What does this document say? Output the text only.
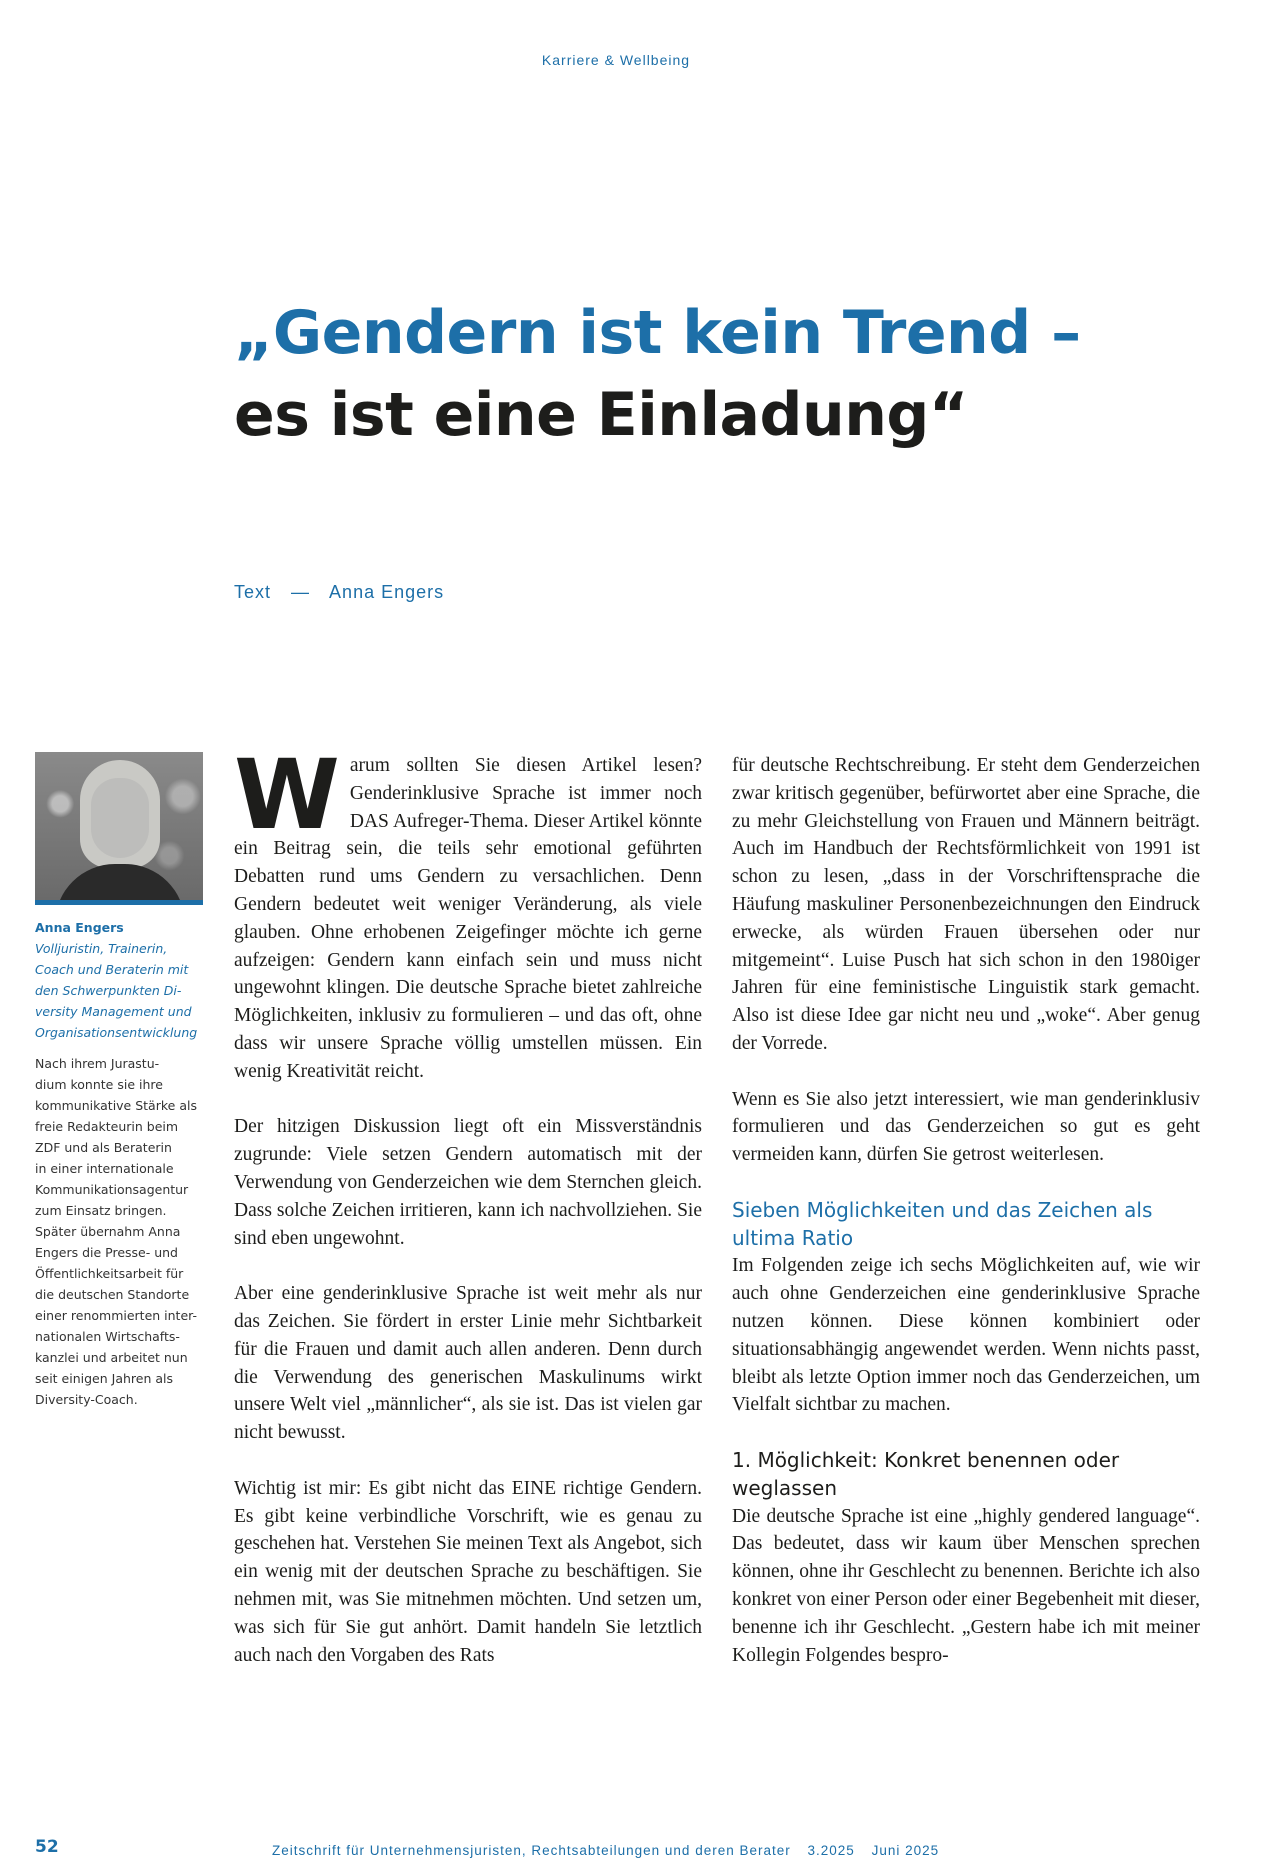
Karriere & Wellbeing
„Gendern ist kein Trend –
es ist eine Einladung“
Text — Anna Engers
Anna Engers
Volljuristin, Trainerin,
Coach und Beraterin mit
den Schwerpunkten Di-
versity Management und
Organisationsentwicklung
Nach ihrem Jurastu-
dium konnte sie ihre
kommunikative Stärke als
freie Redakteurin beim
ZDF und als Beraterin
in einer internationale
Kommunikationsagentur
zum Einsatz bringen.
Später übernahm Anna
Engers die Presse- und
Öffentlichkeitsarbeit für
die deutschen Standorte
einer renommierten inter-
nationalen Wirtschafts-
kanzlei und arbeitet nun
seit einigen Jahren als
Diversity-Coach.

Warum sollten Sie diesen Artikel lesen? Genderinklusive Sprache ist immer noch DAS Aufreger-Thema. Dieser Artikel könnte ein Beitrag sein, die teils sehr emotional geführten Debatten rund ums Gendern zu versachlichen. Denn Gendern bedeutet weit weniger Veränderung, als viele glauben. Ohne erhobenen Zeigefinger möchte ich gerne aufzeigen: Gendern kann einfach sein und muss nicht ungewohnt klingen. Die deutsche Sprache bietet zahlreiche Möglichkeiten, inklusiv zu formulieren – und das oft, ohne dass wir unsere Sprache völlig umstellen müssen. Ein wenig Kreativität reicht.

Der hitzigen Diskussion liegt oft ein Missverständnis zugrunde: Viele setzen Gendern automatisch mit der Verwendung von Genderzeichen wie dem Sternchen gleich. Dass solche Zeichen irritieren, kann ich nachvollziehen. Sie sind eben ungewohnt.

Aber eine genderinklusive Sprache ist weit mehr als nur das Zeichen. Sie fördert in erster Linie mehr Sichtbarkeit für die Frauen und damit auch allen anderen. Denn durch die Verwendung des generischen Maskulinums wirkt unsere Welt viel „männlicher“, als sie ist. Das ist vielen gar nicht bewusst.

Wichtig ist mir: Es gibt nicht das EINE richtige Gendern. Es gibt keine verbindliche Vorschrift, wie es genau zu geschehen hat. Verstehen Sie meinen Text als Angebot, sich ein wenig mit der deutschen Sprache zu beschäftigen. Sie nehmen mit, was Sie mitnehmen möchten. Und setzen um, was sich für Sie gut anhört. Damit handeln Sie letztlich auch nach den Vorgaben des Rats

für deutsche Rechtschreibung. Er steht dem Genderzeichen zwar kritisch gegenüber, befürwortet aber eine Sprache, die zu mehr Gleichstellung von Frauen und Männern beiträgt. Auch im Handbuch der Rechtsförmlichkeit von 1991 ist schon zu lesen, „dass in der Vorschriftensprache die Häufung maskuliner Personenbezeichnungen den Eindruck erwecke, als würden Frauen übersehen oder nur mitgemeint“. Luise Pusch hat sich schon in den 1980iger Jahren für eine feministische Linguistik stark gemacht. Also ist diese Idee gar nicht neu und „woke“. Aber genug der Vorrede.

Wenn es Sie also jetzt interessiert, wie man genderinklusiv formulieren und das Genderzeichen so gut es geht vermeiden kann, dürfen Sie getrost weiterlesen.

Sieben Möglichkeiten und das Zeichen als ultima Ratio

Im Folgenden zeige ich sechs Möglichkeiten auf, wie wir auch ohne Genderzeichen eine genderinklusive Sprache nutzen können. Diese können kombiniert oder situationsabhängig angewendet werden. Wenn nichts passt, bleibt als letzte Option immer noch das Genderzeichen, um Vielfalt sichtbar zu machen.

1. Möglichkeit: Konkret benennen oder weglassen

Die deutsche Sprache ist eine „highly gendered language“. Das bedeutet, dass wir kaum über Menschen sprechen können, ohne ihr Geschlecht zu benennen. Berichte ich also konkret von einer Person oder einer Begebenheit mit dieser, benenne ich ihr Geschlecht. „Gestern habe ich mit meiner Kollegin Folgendes bespro-

52	Zeitschrift für Unternehmensjuristen, Rechtsabteilungen und deren Berater 3.2025 Juni 2025
